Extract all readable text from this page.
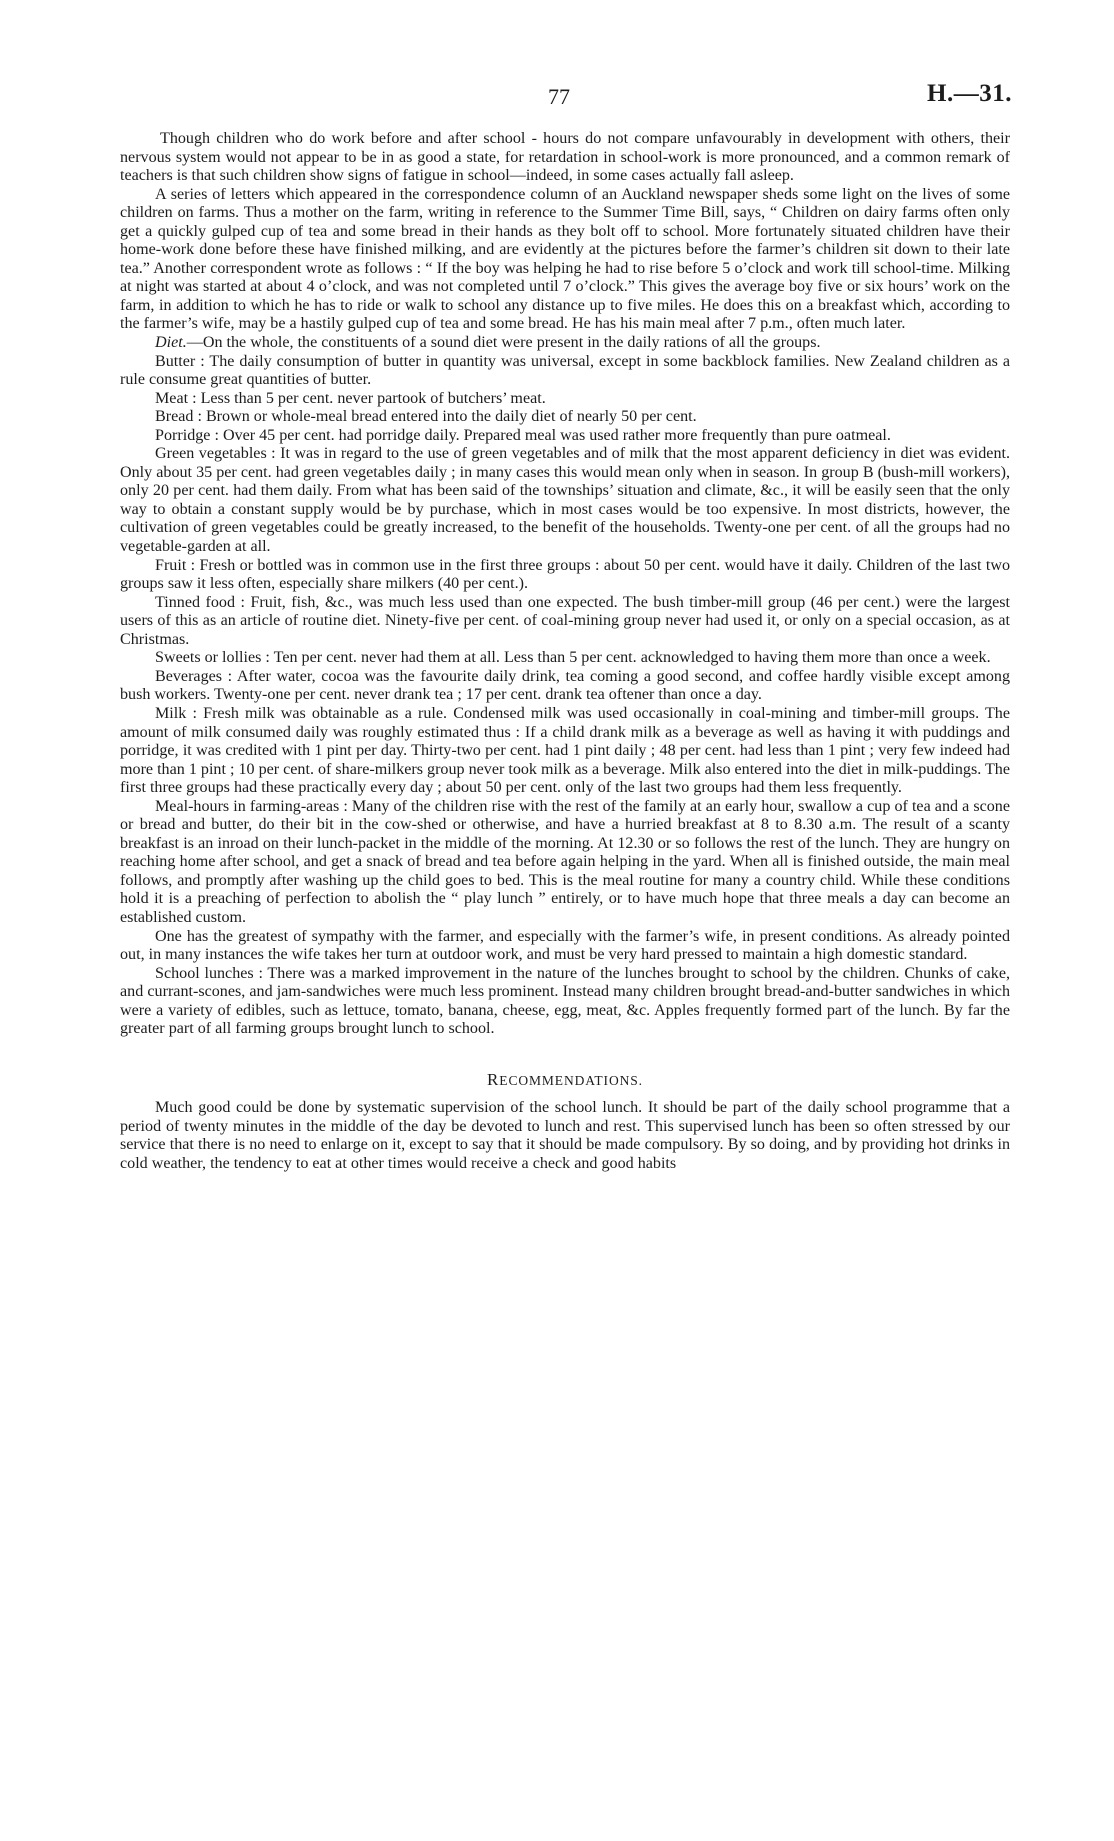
77	H.—31.

Though children who do work before and after school - hours do not compare unfavourably in development with others, their nervous system would not appear to be in as good a state, for retardation in school-work is more pronounced, and a common remark of teachers is that such children show signs of fatigue in school—indeed, in some cases actually fall asleep.

A series of letters which appeared in the correspondence column of an Auckland newspaper sheds some light on the lives of some children on farms. Thus a mother on the farm, writing in reference to the Summer Time Bill, says, “ Children on dairy farms often only get a quickly gulped cup of tea and some bread in their hands as they bolt off to school. More fortunately situated children have their home-work done before these have finished milking, and are evidently at the pictures before the farmer’s children sit down to their late tea.” Another correspondent wrote as follows : “ If the boy was helping he had to rise before 5 o’clock and work till school-time. Milking at night was started at about 4 o’clock, and was not completed until 7 o’clock.” This gives the average boy five or six hours’ work on the farm, in addition to which he has to ride or walk to school any distance up to five miles. He does this on a breakfast which, according to the farmer’s wife, may be a hastily gulped cup of tea and some bread. He has his main meal after 7 p.m., often much later.

Diet.—On the whole, the constituents of a sound diet were present in the daily rations of all the groups.

Butter : The daily consumption of butter in quantity was universal, except in some backblock families. New Zealand children as a rule consume great quantities of butter.

Meat : Less than 5 per cent. never partook of butchers’ meat.

Bread : Brown or whole-meal bread entered into the daily diet of nearly 50 per cent.

Porridge : Over 45 per cent. had porridge daily. Prepared meal was used rather more frequently than pure oatmeal.

Green vegetables : It was in regard to the use of green vegetables and of milk that the most apparent deficiency in diet was evident. Only about 35 per cent. had green vegetables daily ; in many cases this would mean only when in season. In group B (bush-mill workers), only 20 per cent. had them daily. From what has been said of the townships’ situation and climate, &c., it will be easily seen that the only way to obtain a constant supply would be by purchase, which in most cases would be too expensive. In most districts, however, the cultivation of green vegetables could be greatly increased, to the benefit of the households. Twenty-one per cent. of all the groups had no vegetable-garden at all.

Fruit : Fresh or bottled was in common use in the first three groups : about 50 per cent. would have it daily. Children of the last two groups saw it less often, especially share milkers (40 per cent.).

Tinned food : Fruit, fish, &c., was much less used than one expected. The bush timber-mill group (46 per cent.) were the largest users of this as an article of routine diet. Ninety-five per cent. of coal-mining group never had used it, or only on a special occasion, as at Christmas.

Sweets or lollies : Ten per cent. never had them at all. Less than 5 per cent. acknowledged to having them more than once a week.

Beverages : After water, cocoa was the favourite daily drink, tea coming a good second, and coffee hardly visible except among bush workers. Twenty-one per cent. never drank tea ; 17 per cent. drank tea oftener than once a day.

Milk : Fresh milk was obtainable as a rule. Condensed milk was used occasionally in coal-mining and timber-mill groups. The amount of milk consumed daily was roughly estimated thus : If a child drank milk as a beverage as well as having it with puddings and porridge, it was credited with 1 pint per day. Thirty-two per cent. had 1 pint daily ; 48 per cent. had less than 1 pint ; very few indeed had more than 1 pint ; 10 per cent. of share-milkers group never took milk as a beverage. Milk also entered into the diet in milk-puddings. The first three groups had these practically every day ; about 50 per cent. only of the last two groups had them less frequently.

Meal-hours in farming-areas : Many of the children rise with the rest of the family at an early hour, swallow a cup of tea and a scone or bread and butter, do their bit in the cow-shed or otherwise, and have a hurried breakfast at 8 to 8.30 a.m. The result of a scanty breakfast is an inroad on their lunch-packet in the middle of the morning. At 12.30 or so follows the rest of the lunch. They are hungry on reaching home after school, and get a snack of bread and tea before again helping in the yard. When all is finished outside, the main meal follows, and promptly after washing up the child goes to bed. This is the meal routine for many a country child. While these conditions hold it is a preaching of perfection to abolish the “ play lunch ” entirely, or to have much hope that three meals a day can become an established custom.

One has the greatest of sympathy with the farmer, and especially with the farmer’s wife, in present conditions. As already pointed out, in many instances the wife takes her turn at outdoor work, and must be very hard pressed to maintain a high domestic standard.

School lunches : There was a marked improvement in the nature of the lunches brought to school by the children. Chunks of cake, and currant-scones, and jam-sandwiches were much less prominent. Instead many children brought bread-and-butter sandwiches in which were a variety of edibles, such as lettuce, tomato, banana, cheese, egg, meat, &c. Apples frequently formed part of the lunch. By far the greater part of all farming groups brought lunch to school.

RECOMMENDATIONS.

Much good could be done by systematic supervision of the school lunch. It should be part of the daily school programme that a period of twenty minutes in the middle of the day be devoted to lunch and rest. This supervised lunch has been so often stressed by our service that there is no need to enlarge on it, except to say that it should be made compulsory. By so doing, and by providing hot drinks in cold weather, the tendency to eat at other times would receive a check and good habits
